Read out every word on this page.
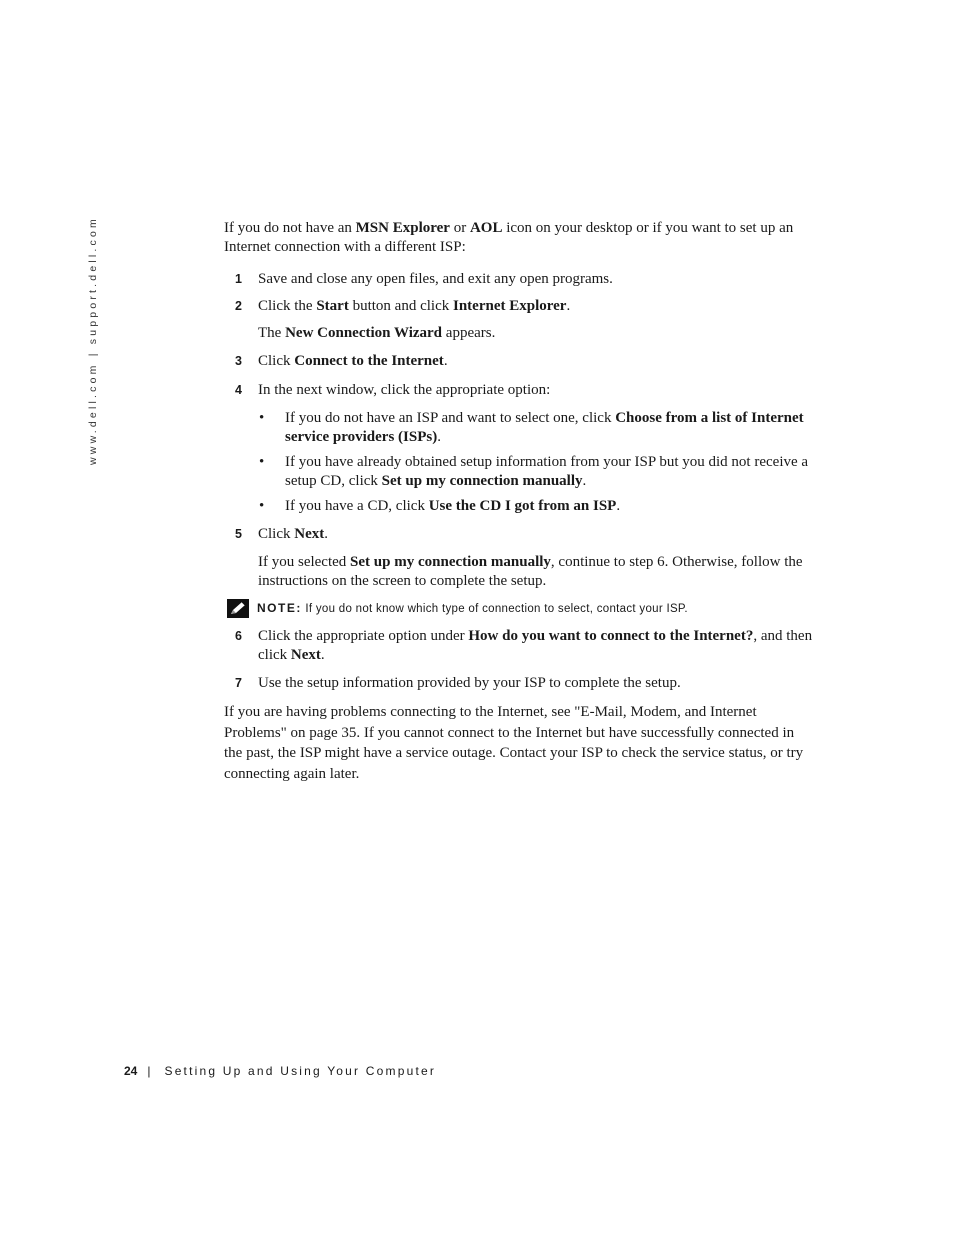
www.dell.com | support.dell.com	If you do not have an MSN Explorer or AOL icon on your desktop or if you want to set up an Internet connection with a different ISP:

1 Save and close any open files, and exit any open programs.

2 Click the Start button and click Internet Explorer.

The New Connection Wizard appears.

3 Click Connect to the Internet.

4 In the next window, click the appropriate option:

• If you do not have an ISP and want to select one, click Choose from a list of Internet service providers (ISPs).

• If you have already obtained setup information from your ISP but you did not receive a setup CD, click Set up my connection manually.

• If you have a CD, click Use the CD I got from an ISP.

5 Click Next.

If you selected Set up my connection manually, continue to step 6. Otherwise, follow the instructions on the screen to complete the setup.

NOTE: If you do not know which type of connection to select, contact your ISP.

6 Click the appropriate option under How do you want to connect to the Internet?, and then click Next.

7 Use the setup information provided by your ISP to complete the setup.

If you are having problems connecting to the Internet, see "E-Mail, Modem, and Internet Problems" on page 35. If you cannot connect to the Internet but have successfully connected in the past, the ISP might have a service outage. Contact your ISP to check the service status, or try connecting again later.

24 | Setting Up and Using Your Computer
